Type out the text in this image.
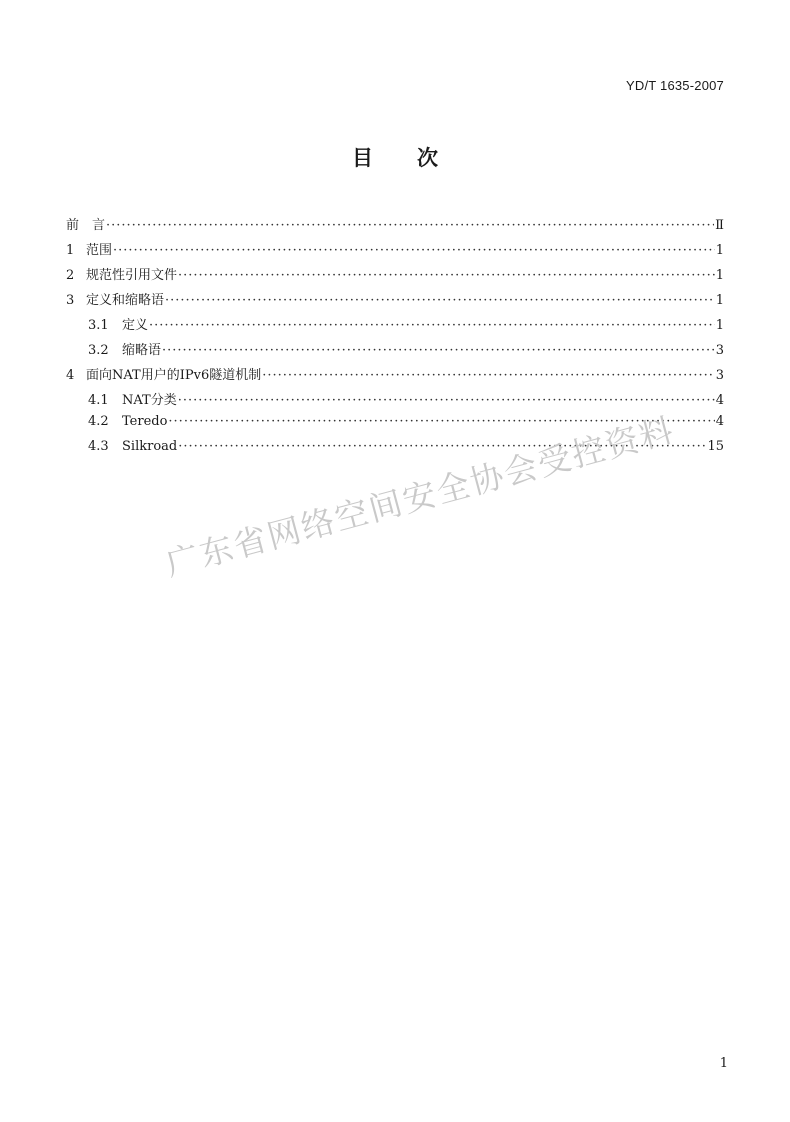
YD/T 1635-2007
目 次
前　言 ·····	Ⅱ
1 范围 ·····	1
2 规范性引用文件 ·····	1
3 定义和缩略语 ·····	1
3.1	定义 ·····	1
3.2	缩略语 ·····	3
4 面向NAT用户的IPv6隧道机制 ·····	3
4.1	NAT分类 ·····	4
4.2	Teredo ·····	4
4.3	Silkroad ·····	15
广东省网络空间安全协会受控资料
1
